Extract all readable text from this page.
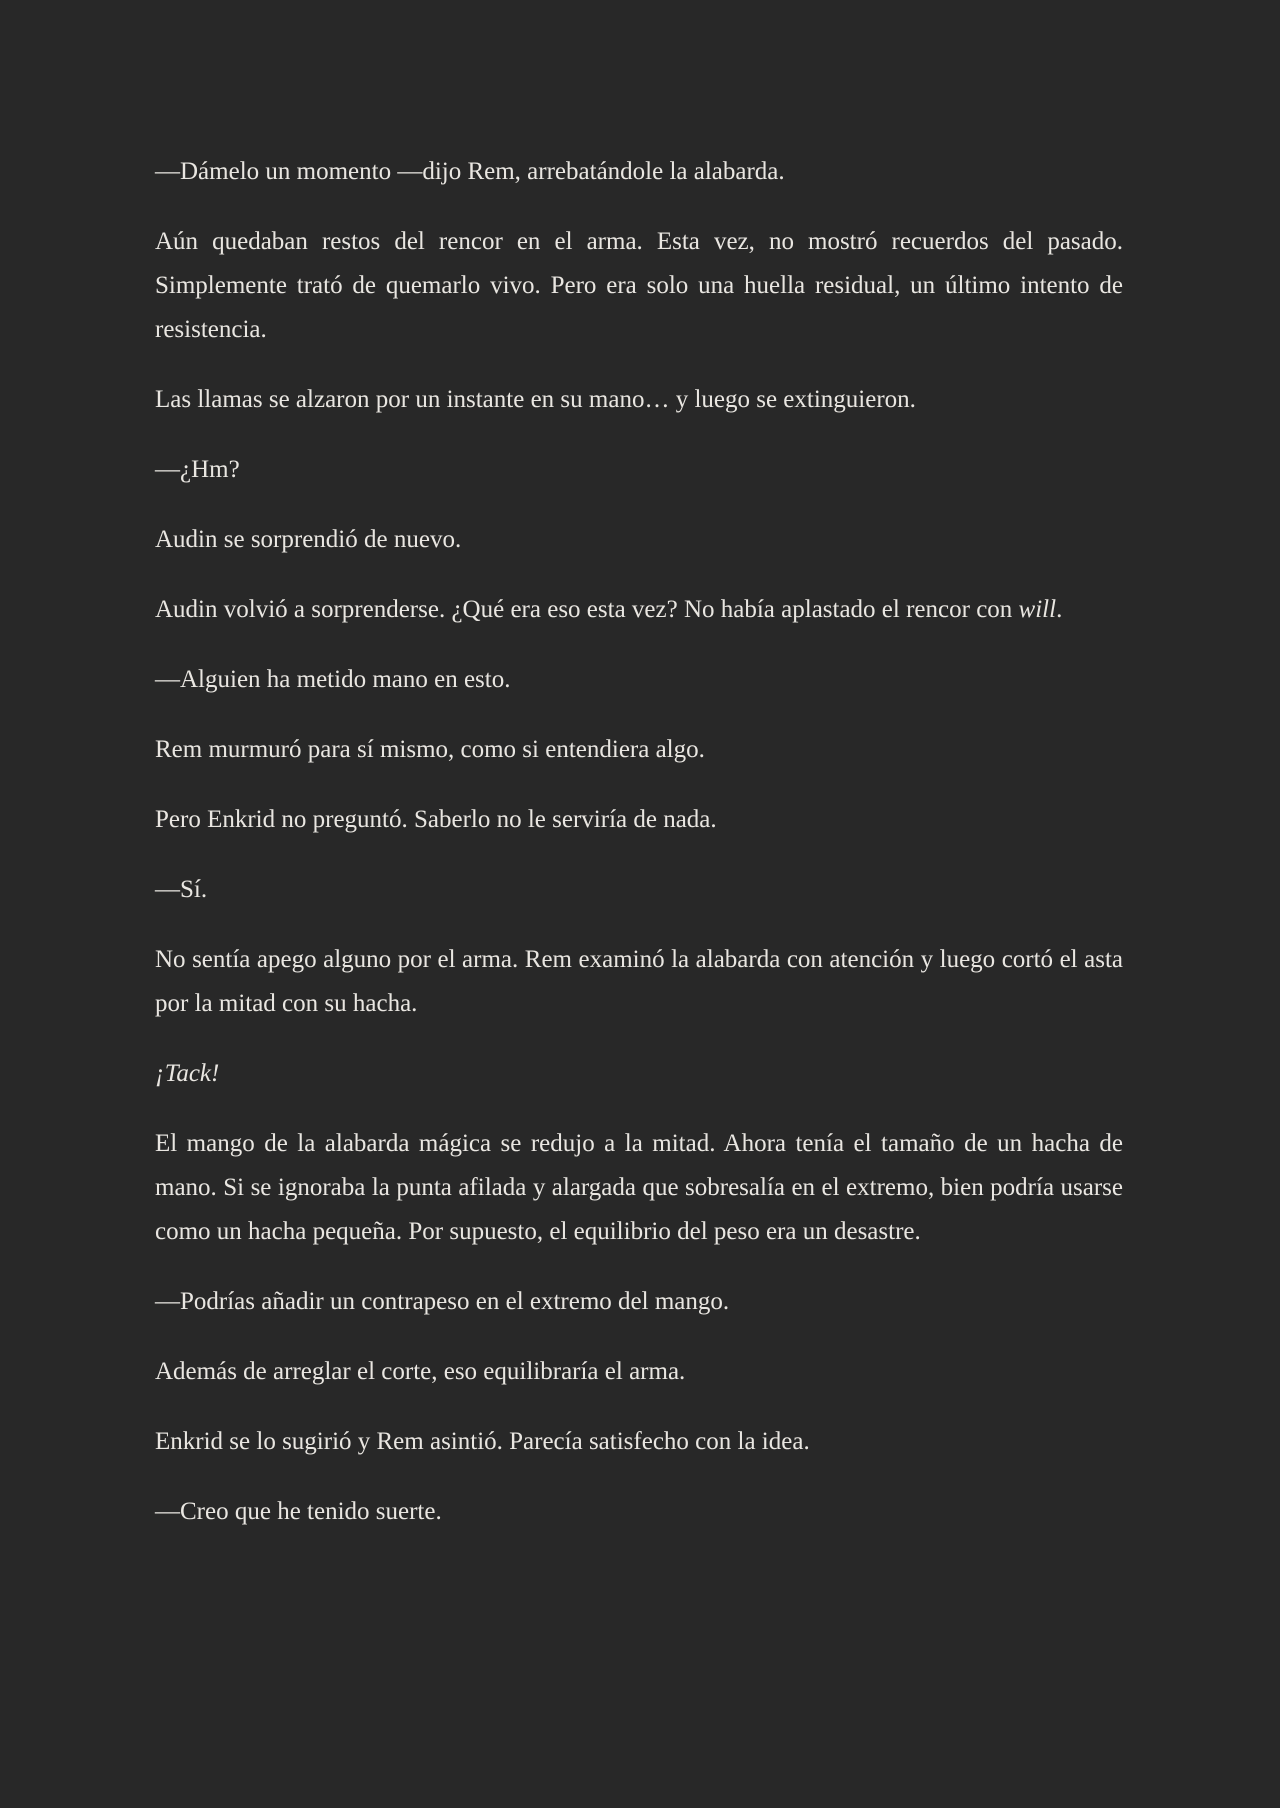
—Dámelo un momento —dijo Rem, arrebatándole la alabarda.

Aún quedaban restos del rencor en el arma. Esta vez, no mostró recuerdos del pasado. Simplemente trató de quemarlo vivo. Pero era solo una huella residual, un último intento de resistencia.

Las llamas se alzaron por un instante en su mano… y luego se extinguieron.

—¿Hm?

Audin se sorprendió de nuevo.

Audin volvió a sorprenderse. ¿Qué era eso esta vez? No había aplastado el rencor con will.

—Alguien ha metido mano en esto.

Rem murmuró para sí mismo, como si entendiera algo.

Pero Enkrid no preguntó. Saberlo no le serviría de nada.

—Sí.

No sentía apego alguno por el arma. Rem examinó la alabarda con atención y luego cortó el asta por la mitad con su hacha.

¡Tack!

El mango de la alabarda mágica se redujo a la mitad. Ahora tenía el tamaño de un hacha de mano. Si se ignoraba la punta afilada y alargada que sobresalía en el extremo, bien podría usarse como un hacha pequeña. Por supuesto, el equilibrio del peso era un desastre.

—Podrías añadir un contrapeso en el extremo del mango.

Además de arreglar el corte, eso equilibraría el arma.

Enkrid se lo sugirió y Rem asintió. Parecía satisfecho con la idea.

—Creo que he tenido suerte.
